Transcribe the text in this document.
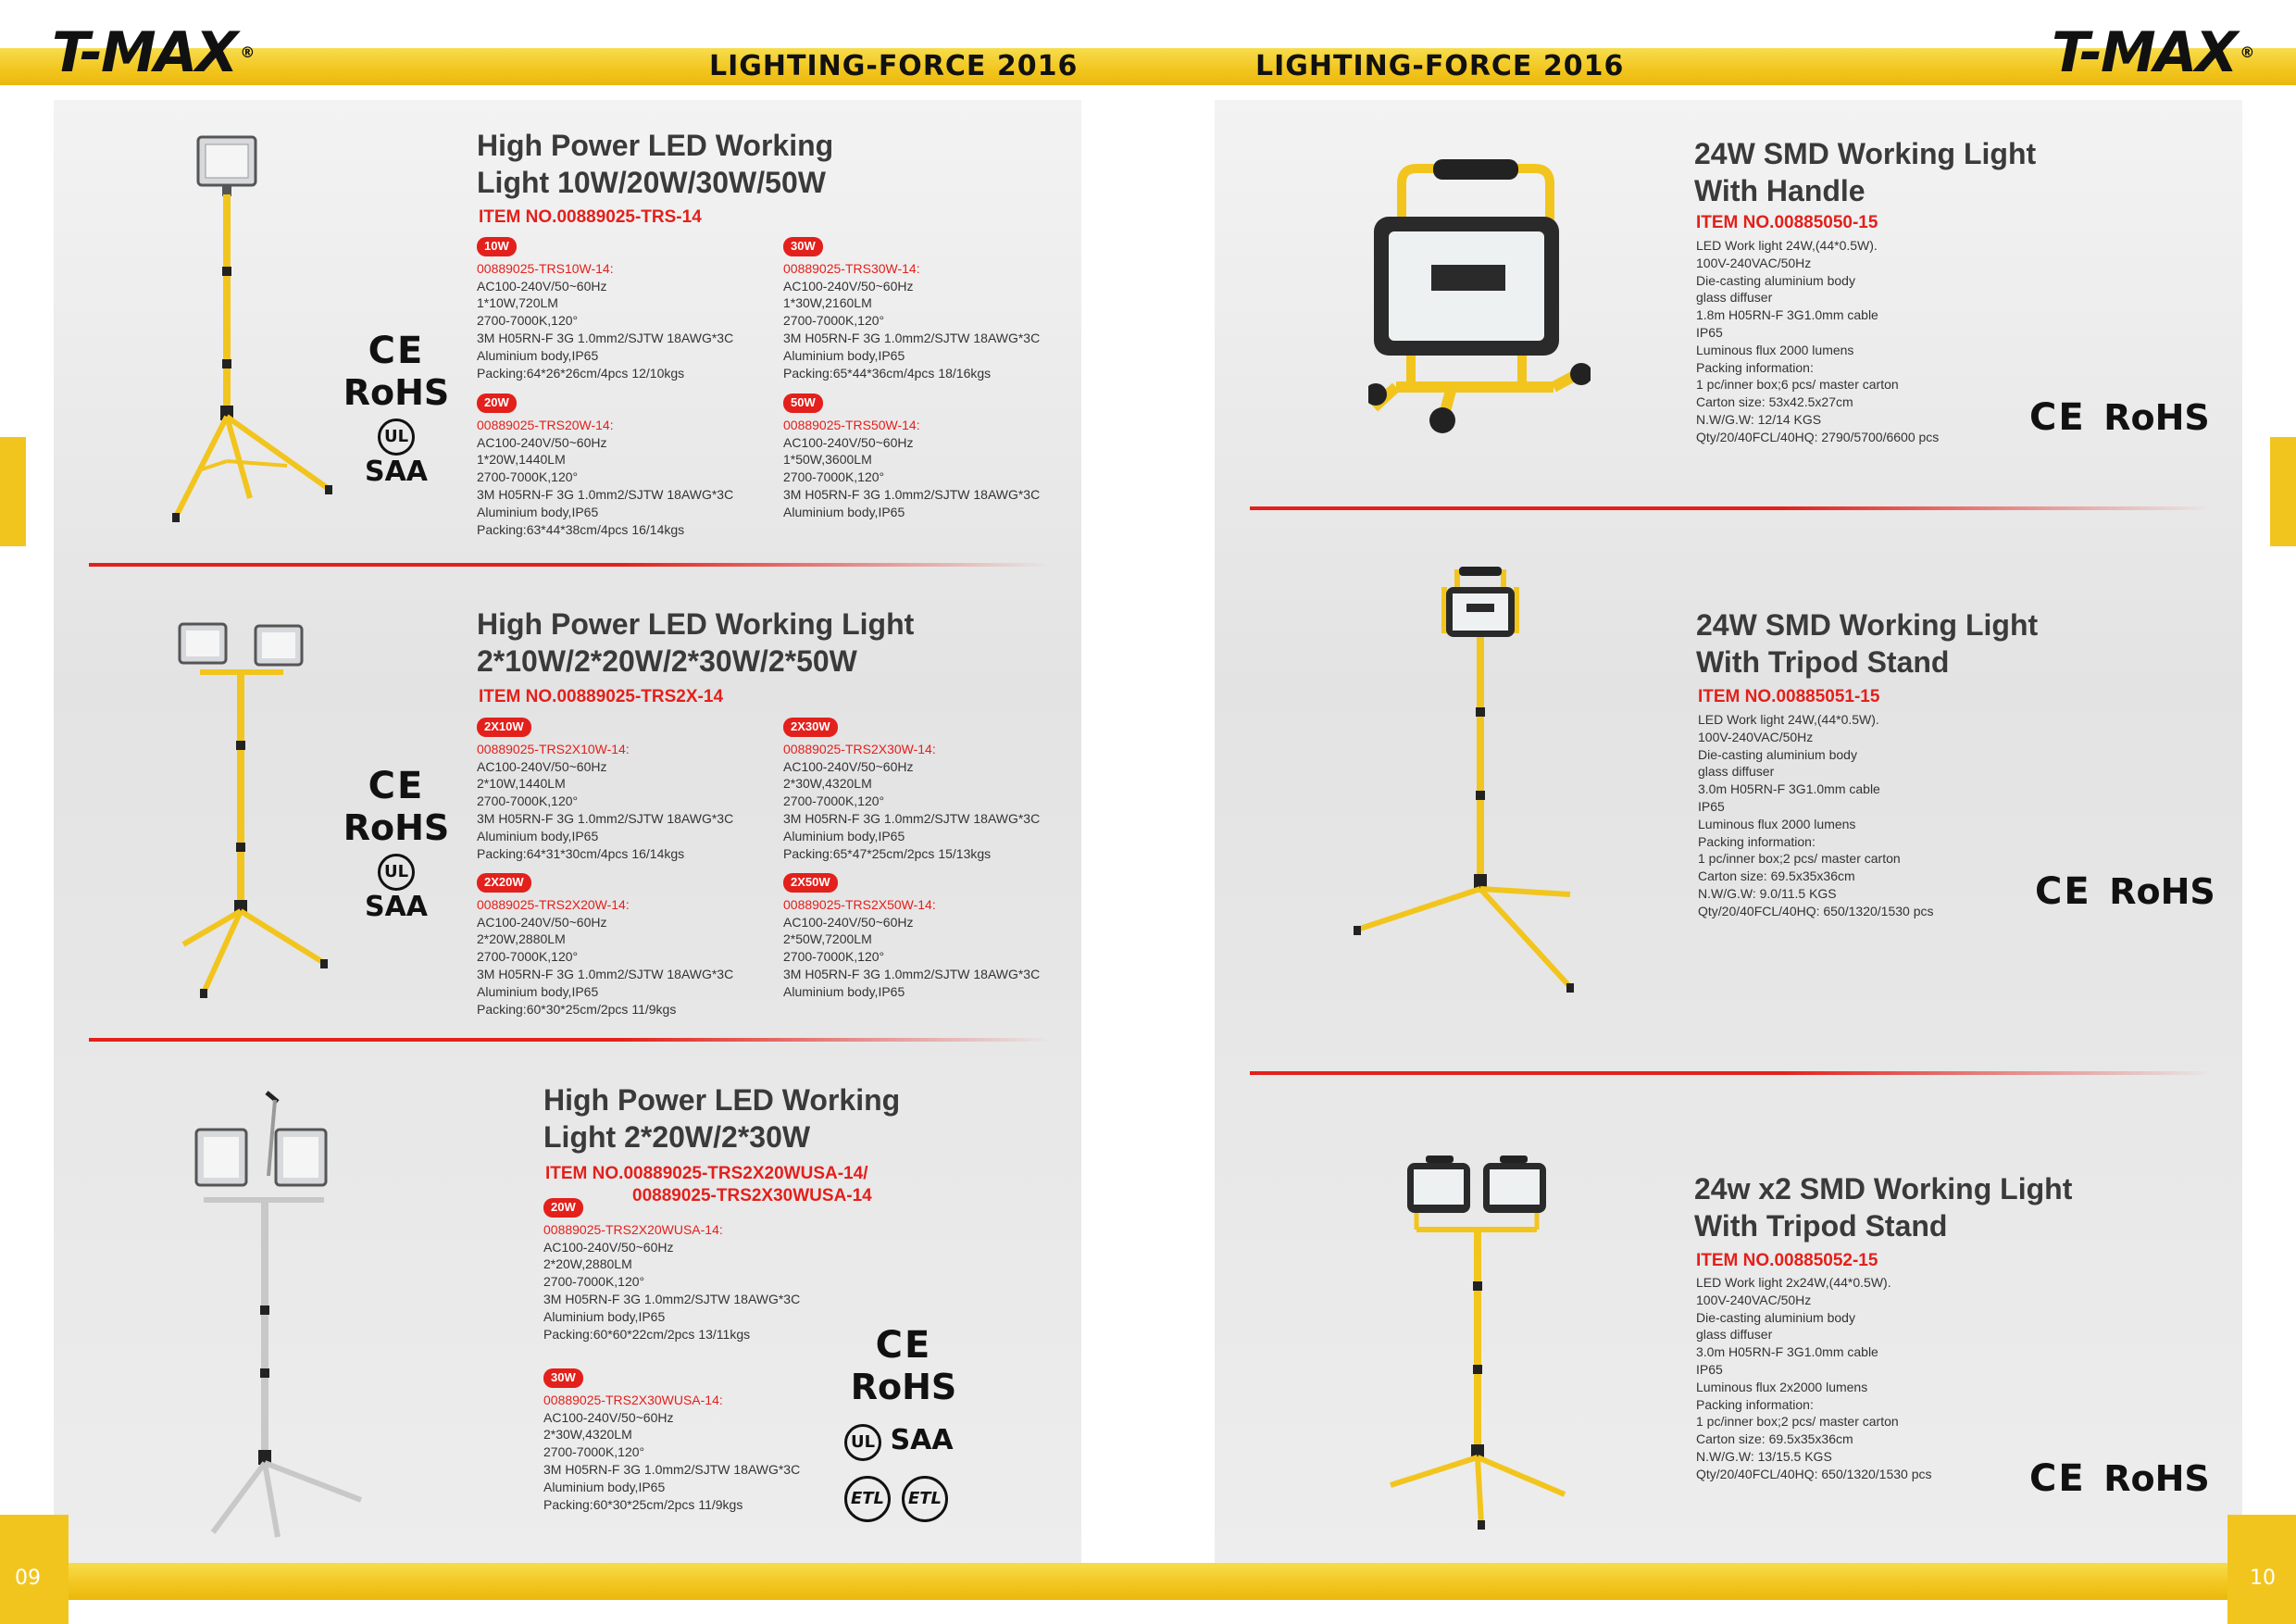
09	10
T-MAX ®	T-MAX ®
LIGHTING-FORCE 2016	LIGHTING-FORCE 2016
CE
RoHS
UL
SAA
High Power LED Working
Light 10W/20W/30W/50W
ITEM NO.00889025-TRS-14
10W
00889025-TRS10W-14:
AC100-240V/50~60Hz
1*10W,720LM
2700-7000K,120°
3M H05RN-F 3G 1.0mm2/SJTW 18AWG*3C
Aluminium body,IP65
Packing:64*26*26cm/4pcs 12/10kgs
30W
00889025-TRS30W-14:
AC100-240V/50~60Hz
1*30W,2160LM
2700-7000K,120°
3M H05RN-F 3G 1.0mm2/SJTW 18AWG*3C
Aluminium body,IP65
Packing:65*44*36cm/4pcs 18/16kgs
20W
00889025-TRS20W-14:
AC100-240V/50~60Hz
1*20W,1440LM
2700-7000K,120°
3M H05RN-F 3G 1.0mm2/SJTW 18AWG*3C
Aluminium body,IP65
Packing:63*44*38cm/4pcs 16/14kgs
50W
00889025-TRS50W-14:
AC100-240V/50~60Hz
1*50W,3600LM
2700-7000K,120°
3M H05RN-F 3G 1.0mm2/SJTW 18AWG*3C
Aluminium body,IP65
CE
RoHS
UL
SAA
High Power LED Working Light
2*10W/2*20W/2*30W/2*50W
ITEM NO.00889025-TRS2X-14
2X10W
00889025-TRS2X10W-14:
AC100-240V/50~60Hz
2*10W,1440LM
2700-7000K,120°
3M H05RN-F 3G 1.0mm2/SJTW 18AWG*3C
Aluminium body,IP65
Packing:64*31*30cm/4pcs 16/14kgs
2X30W
00889025-TRS2X30W-14:
AC100-240V/50~60Hz
2*30W,4320LM
2700-7000K,120°
3M H05RN-F 3G 1.0mm2/SJTW 18AWG*3C
Aluminium body,IP65
Packing:65*47*25cm/2pcs 15/13kgs
2X20W
00889025-TRS2X20W-14:
AC100-240V/50~60Hz
2*20W,2880LM
2700-7000K,120°
3M H05RN-F 3G 1.0mm2/SJTW 18AWG*3C
Aluminium body,IP65
Packing:60*30*25cm/2pcs 11/9kgs
2X50W
00889025-TRS2X50W-14:
AC100-240V/50~60Hz
2*50W,7200LM
2700-7000K,120°
3M H05RN-F 3G 1.0mm2/SJTW 18AWG*3C
Aluminium body,IP65
High Power LED Working
Light 2*20W/2*30W
ITEM NO.00889025-TRS2X20WUSA-14/
00889025-TRS2X30WUSA-14
20W
00889025-TRS2X20WUSA-14:
AC100-240V/50~60Hz
2*20W,2880LM
2700-7000K,120°
3M H05RN-F 3G 1.0mm2/SJTW 18AWG*3C
Aluminium body,IP65
Packing:60*60*22cm/2pcs 13/11kgs
30W
00889025-TRS2X30WUSA-14:
AC100-240V/50~60Hz
2*30W,4320LM
2700-7000K,120°
3M H05RN-F 3G 1.0mm2/SJTW 18AWG*3C
Aluminium body,IP65
Packing:60*30*25cm/2pcs 11/9kgs
CE
RoHS
UL SAA
ETL ETL
24W SMD Working Light
With Handle
ITEM NO.00885050-15
LED Work light 24W,(44*0.5W).
100V-240VAC/50Hz
Die-casting aluminium body
glass diffuser
1.8m H05RN-F 3G1.0mm cable
IP65
Luminous flux 2000 lumens
Packing information:
1 pc/inner box;6 pcs/ master carton
Carton size: 53x42.5x27cm
N.W/G.W: 12/14 KGS
Qty/20/40FCL/40HQ: 2790/5700/6600 pcs CE RoHS
24W SMD Working Light
With Tripod Stand
ITEM NO.00885051-15
LED Work light 24W,(44*0.5W).
100V-240VAC/50Hz
Die-casting aluminium body
glass diffuser
3.0m H05RN-F 3G1.0mm cable
IP65
Luminous flux 2000 lumens
Packing information:
1 pc/inner box;2 pcs/ master carton
Carton size: 69.5x35x36cm
N.W/G.W: 9.0/11.5 KGS
Qty/20/40FCL/40HQ: 650/1320/1530 pcs	CE RoHS
24w x2 SMD Working Light
With Tripod Stand
ITEM NO.00885052-15
LED Work light 2x24W,(44*0.5W).
100V-240VAC/50Hz
Die-casting aluminium body
glass diffuser
3.0m H05RN-F 3G1.0mm cable
IP65
Luminous flux 2x2000 lumens
Packing information:
1 pc/inner box;2 pcs/ master carton
Carton size: 69.5x35x36cm
N.W/G.W: 13/15.5 KGS
Qty/20/40FCL/40HQ: 650/1320/1530 pcs	CE RoHS
